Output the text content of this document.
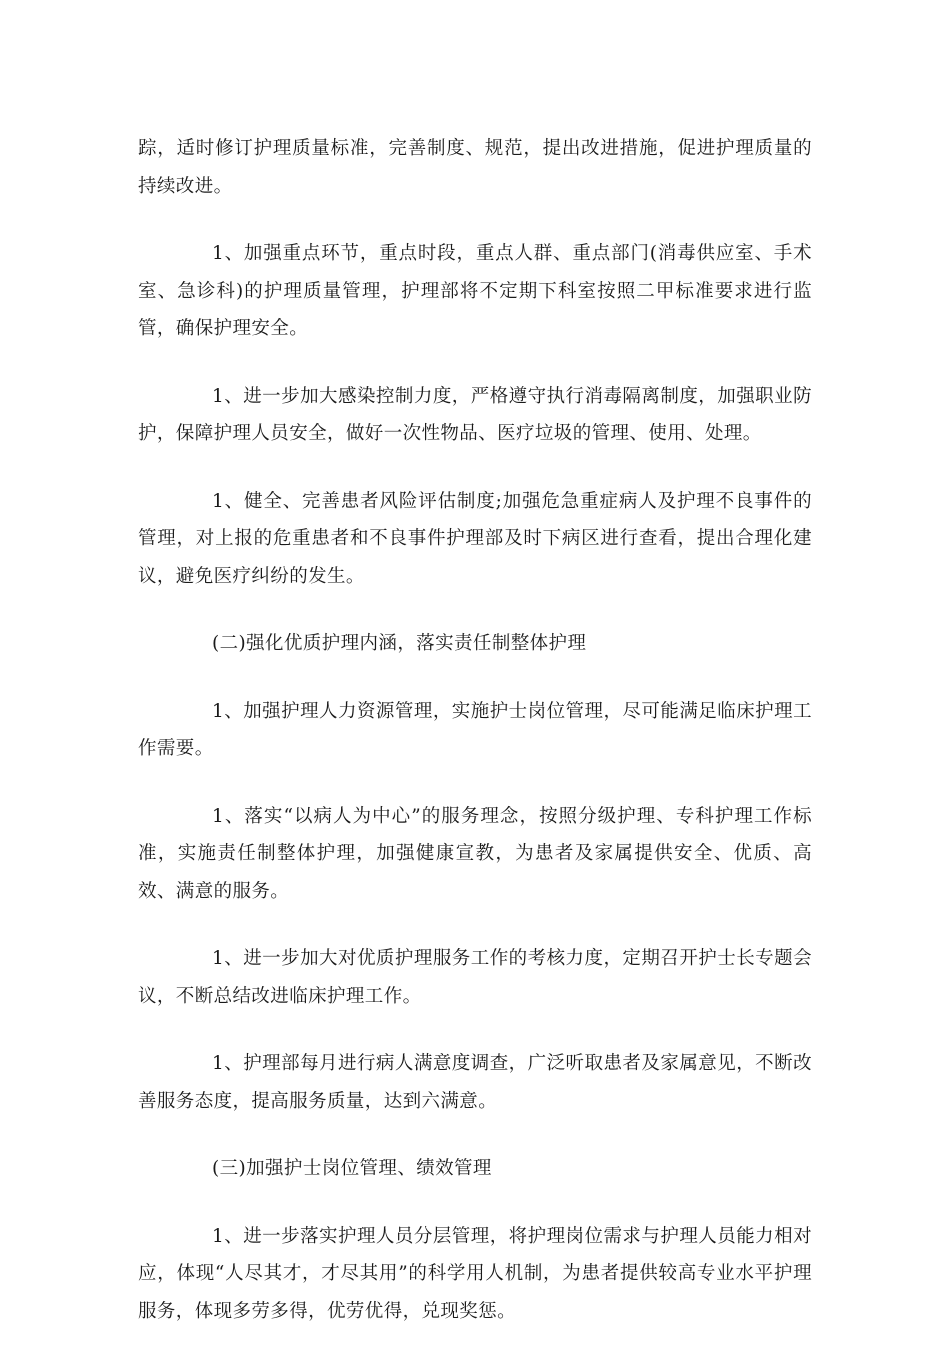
踪，适时修订护理质量标准，完善制度、规范，提出改进措施，促进护理质量的持续改进。

1、加强重点环节，重点时段，重点人群、重点部门(消毒供应室、手术室、急诊科)的护理质量管理，护理部将不定期下科室按照二甲标准要求进行监管，确保护理安全。

1、进一步加大感染控制力度，严格遵守执行消毒隔离制度，加强职业防护，保障护理人员安全，做好一次性物品、医疗垃圾的管理、使用、处理。

1、健全、完善患者风险评估制度;加强危急重症病人及护理不良事件的管理，对上报的危重患者和不良事件护理部及时下病区进行查看，提出合理化建议，避免医疗纠纷的发生。

(二)强化优质护理内涵，落实责任制整体护理

1、加强护理人力资源管理，实施护士岗位管理，尽可能满足临床护理工作需要。

1、落实“以病人为中心”的服务理念，按照分级护理、专科护理工作标准，实施责任制整体护理，加强健康宣教，为患者及家属提供安全、优质、高效、满意的服务。

1、进一步加大对优质护理服务工作的考核力度，定期召开护士长专题会议，不断总结改进临床护理工作。

1、护理部每月进行病人满意度调查，广泛听取患者及家属意见，不断改善服务态度，提高服务质量，达到六满意。

(三)加强护士岗位管理、绩效管理

1、进一步落实护理人员分层管理，将护理岗位需求与护理人员能力相对应，体现“人尽其才，才尽其用”的科学用人机制，为患者提供较高专业水平护理服务，体现多劳多得，优劳优得，兑现奖惩。
